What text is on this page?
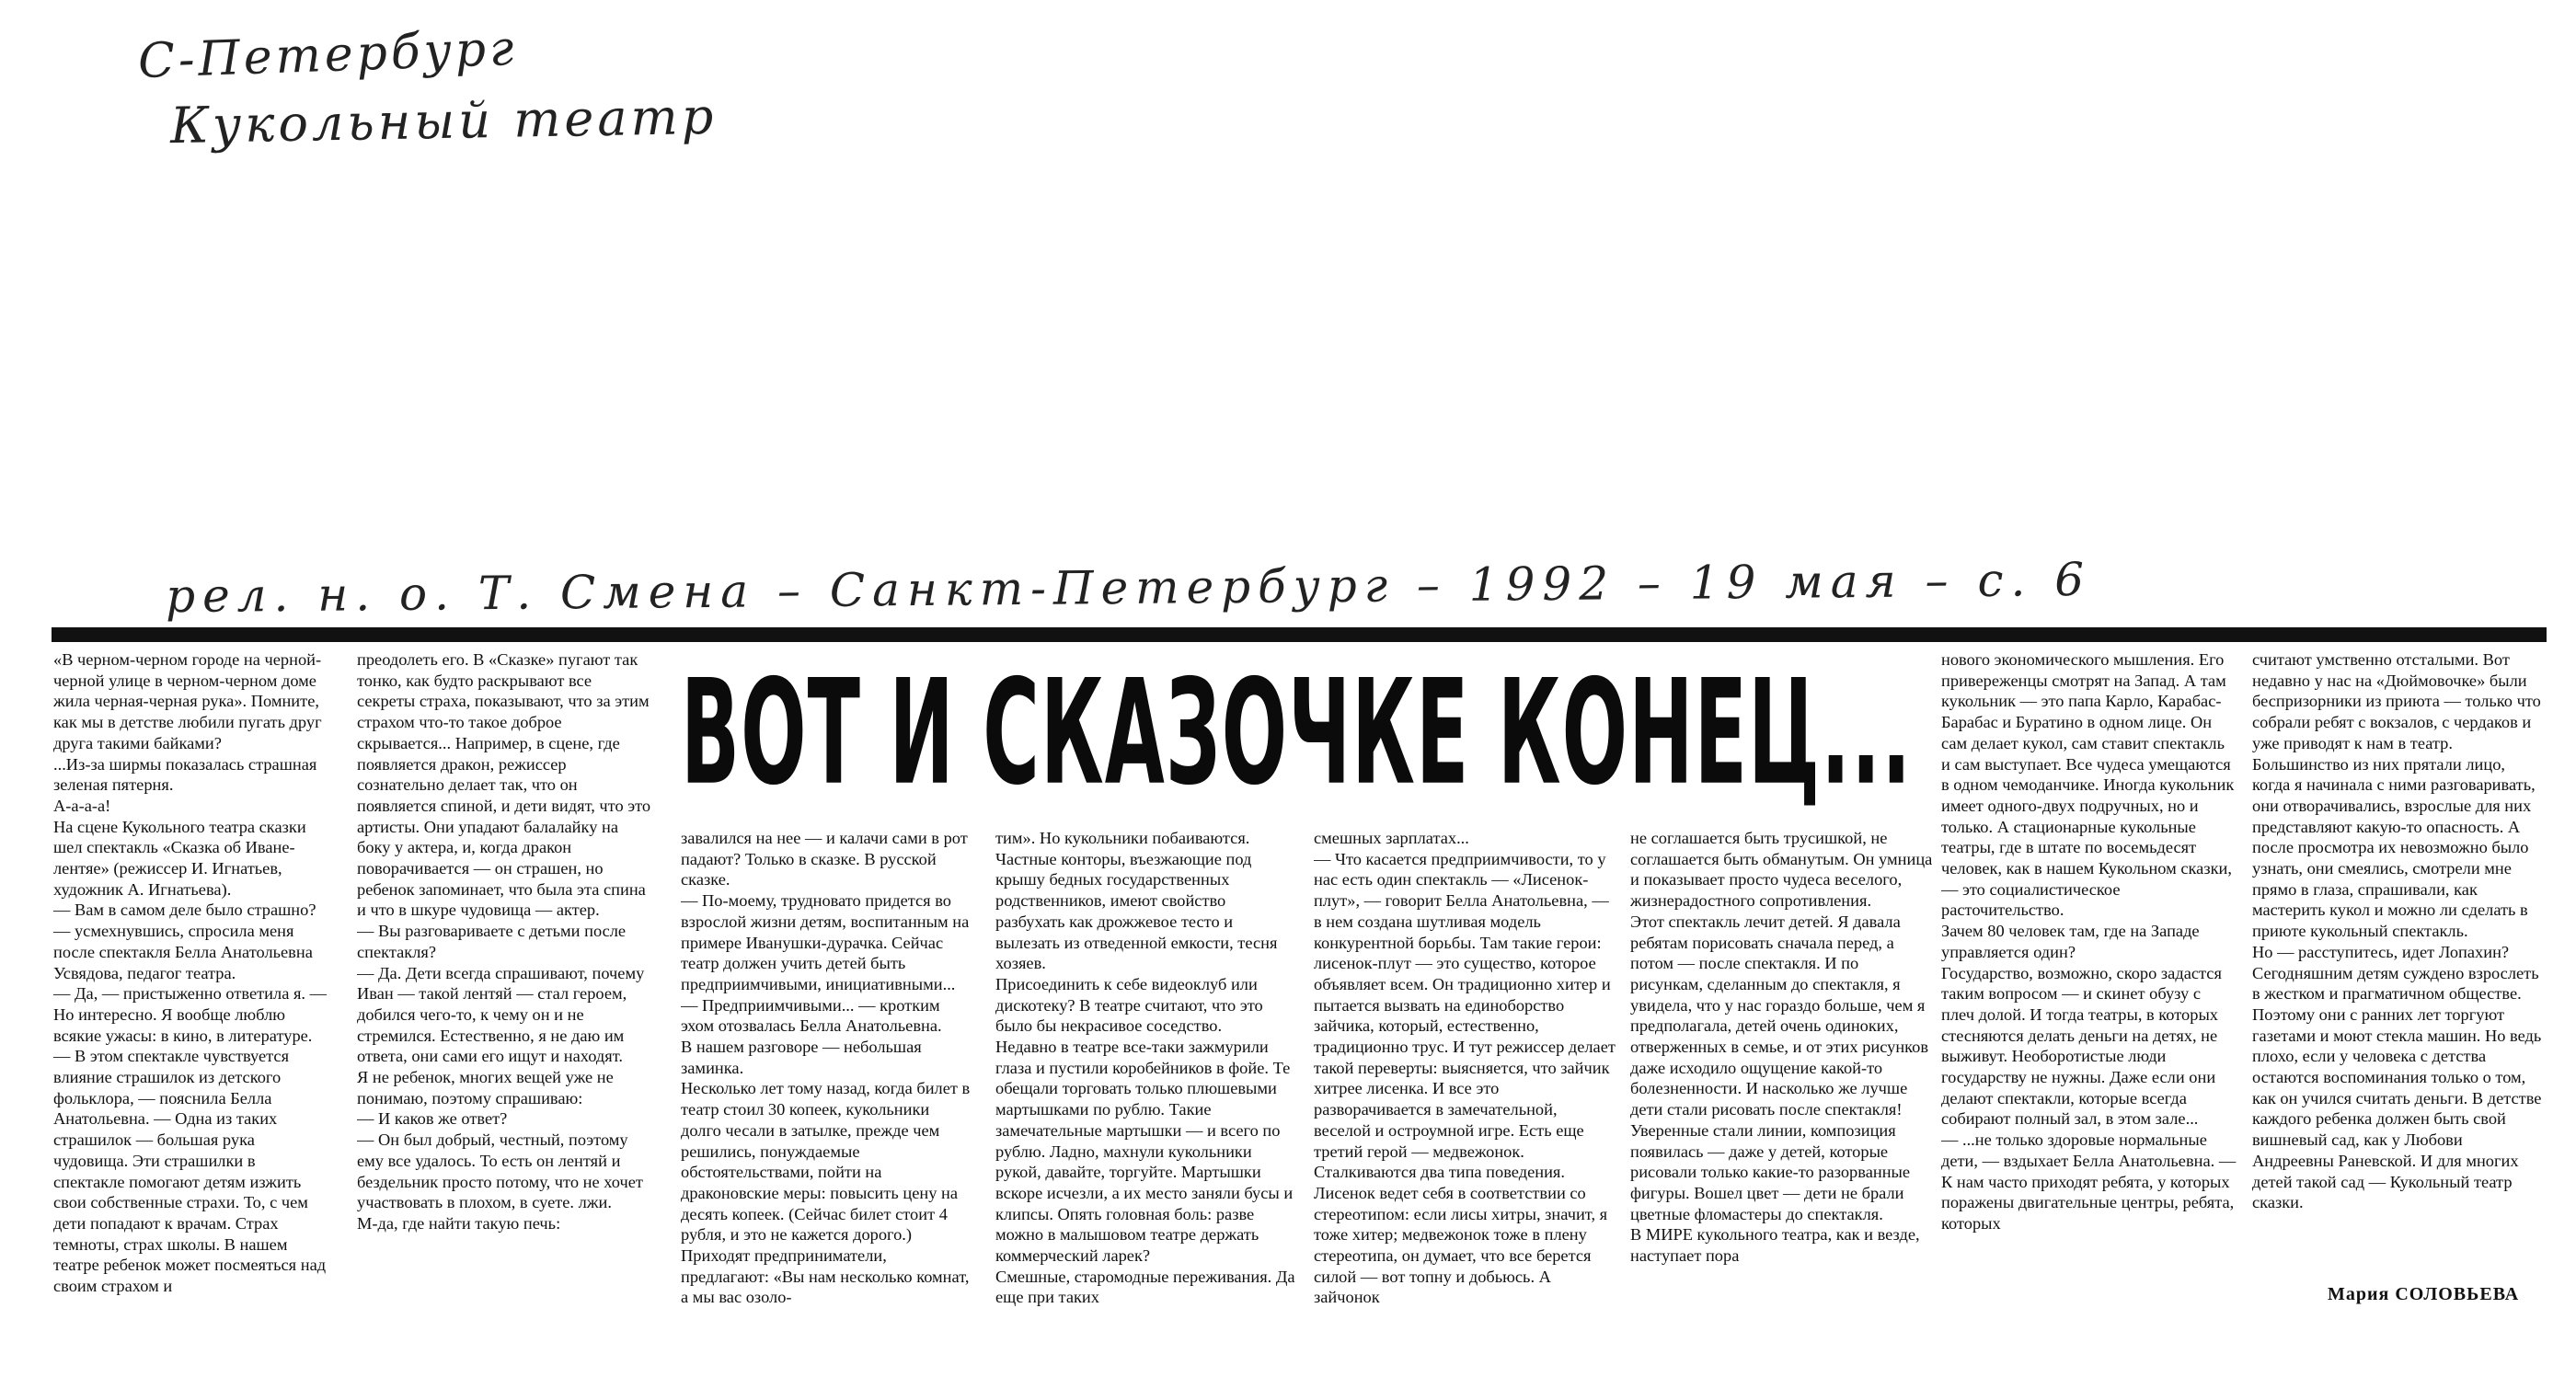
С-Петербург
Кукольный театр
рел. н. о. Т. Смена – Санкт-Петербург – 1992 – 19 мая – с. 6
ВОТ И СКАЗОЧКЕ КОНЕЦ...

«В черном-черном городе на черной-черной улице в черном-черном доме жила черная-черная рука». Помните, как мы в детстве любили пугать друг друга такими байками?

...Из-за ширмы показалась страшная зеленая пятерня.

А-а-а-а!

На сцене Кукольного театра сказки шел спектакль «Сказка об Иване-лентяе» (режиссер И. Игнатьев, художник А. Игнатьева).

— Вам в самом деле было страшно? — усмехнувшись, спросила меня после спектакля Белла Анатольевна Усвядова, педагог театра.

— Да, — пристыженно ответила я. — Но интересно. Я вообще люблю всякие ужасы: в кино, в литературе.

— В этом спектакле чувствуется влияние страшилок из детского фольклора, — пояснила Белла Анатольевна. — Одна из таких страшилок — большая рука чудовища. Эти страшилки в спектакле помогают детям изжить свои собственные страхи. То, с чем дети попадают к врачам. Страх темноты, страх школы. В нашем театре ребенок может посмеяться над своим страхом и

преодолеть его. В «Сказке» пугают так тонко, как будто раскрывают все секреты страха, показывают, что за этим страхом что-то такое доброе скрывается... Например, в сцене, где появляется дракон, режиссер сознательно делает так, что он появляется спиной, и дети видят, что это артисты. Они упадают балалайку на боку у актера, и, когда дракон поворачивается — он страшен, но ребенок запоминает, что была эта спина и что в шкуре чудовища — актер.

— Вы разговариваете с детьми после спектакля?

— Да. Дети всегда спрашивают, почему Иван — такой лентяй — стал героем, добился чего-то, к чему он и не стремился. Естественно, я не даю им ответа, они сами его ищут и находят.

Я не ребенок, многих вещей уже не понимаю, поэтому спрашиваю:

— И каков же ответ?

— Он был добрый, честный, поэтому ему все удалось. То есть он лентяй и бездельник просто потому, что не хочет участвовать в плохом, в суете. лжи.

М-да, где найти такую печь:

завалился на нее — и калачи сами в рот падают? Только в сказке. В русской сказке.

— По-моему, трудновато придется во взрослой жизни детям, воспитанным на примере Иванушки-дурачка. Сейчас театр должен учить детей быть предприимчивыми, инициативными...

— Предприимчивыми... — кротким эхом отозвалась Белла Анатольевна.

В нашем разговоре — небольшая заминка.

Несколько лет тому назад, когда билет в театр стоил 30 копеек, кукольники долго чесали в затылке, прежде чем решились, понуждаемые обстоятельствами, пойти на драконовские меры: повысить цену на десять копеек. (Сейчас билет стоит 4 рубля, и это не кажется дорого.)

Приходят предприниматели, предлагают: «Вы нам несколько комнат, а мы вас озоло-

тим». Но кукольники побаиваются. Частные конторы, въезжающие под крышу бедных государственных родственников, имеют свойство разбухать как дрожжевое тесто и вылезать из отведенной емкости, тесня хозяев.

Присоединить к себе видеоклуб или дискотеку? В театре считают, что это было бы некрасивое соседство.

Недавно в театре все-таки зажмурили глаза и пустили коробейников в фойе. Те обещали торговать только плюшевыми мартышками по рублю. Такие замечательные мартышки — и всего по рублю. Ладно, махнули кукольники рукой, давайте, торгуйте. Мартышки вскоре исчезли, а их место заняли бусы и клипсы. Опять головная боль: разве можно в малышовом театре держать коммерческий ларек?

Смешные, старомодные переживания. Да еще при таких

смешных зарплатах...

— Что касается предприимчивости, то у нас есть один спектакль — «Лисенок-плут», — говорит Белла Анатольевна, — в нем создана шутливая модель конкурентной борьбы. Там такие герои: лисенок-плут — это существо, которое объявляет всем. Он традиционно хитер и пытается вызвать на единоборство зайчика, который, естественно, традиционно трус. И тут режиссер делает такой переверты: выясняется, что зайчик хитрее лисенка. И все это разворачивается в замечательной, веселой и остроумной игре. Есть еще третий герой — медвежонок. Сталкиваются два типа поведения. Лисенок ведет себя в соответствии со стереотипом: если лисы хитры, значит, я тоже хитер; медвежонок тоже в плену стереотипа, он думает, что все берется силой — вот топну и добьюсь. А зайчонок

не соглашается быть трусишкой, не соглашается быть обманутым. Он умница и показывает просто чудеса веселого, жизнерадостного сопротивления.

Этот спектакль лечит детей. Я давала ребятам порисовать сначала перед, а потом — после спектакля. И по рисункам, сделанным до спектакля, я увидела, что у нас гораздо больше, чем я предполагала, детей очень одиноких, отверженных в семье, и от этих рисунков даже исходило ощущение какой-то болезненности. И насколько же лучше дети стали рисовать после спектакля! Уверенные стали линии, композиция появилась — даже у детей, которые рисовали только какие-то разорванные фигуры. Вошел цвет — дети не брали цветные фломастеры до спектакля.

В МИРЕ кукольного театра, как и везде, наступает пора

нового экономического мышления. Его привереженцы смотрят на Запад. А там кукольник — это папа Карло, Карабас-Барабас и Буратино в одном лице. Он сам делает кукол, сам ставит спектакль и сам выступает. Все чудеса умещаются в одном чемоданчике. Иногда кукольник имеет одного-двух подручных, но и только. А стационарные кукольные театры, где в штате по восемьдесят человек, как в нашем Кукольном сказки, — это социалистическое расточительство.

Зачем 80 человек там, где на Западе управляется один?

Государство, возможно, скоро задастся таким вопросом — и скинет обузу с плеч долой. И тогда театры, в которых стесняются делать деньги на детях, не выживут. Необоротистые люди государству не нужны. Даже если они делают спектакли, которые всегда собирают полный зал, в этом зале...

— ...не только здоровые нормальные дети, — вздыхает Белла Анатольевна. — К нам часто приходят ребята, у которых поражены двигательные центры, ребята, которых

считают умственно отсталыми. Вот недавно у нас на «Дюймовочке» были беспризорники из приюта — только что собрали ребят с вокзалов, с чердаков и уже приводят к нам в театр. Большинство из них прятали лицо, когда я начинала с ними разговаривать, они отворачивались, взрослые для них представляют какую-то опасность. А после просмотра их невозможно было узнать, они смеялись, смотрели мне прямо в глаза, спрашивали, как мастерить кукол и можно ли сделать в приюте кукольный спектакль.

Но — расступитесь, идет Лопахин?

Сегодняшним детям суждено взрослеть в жестком и прагматичном обществе. Поэтому они с ранних лет торгуют газетами и моют стекла машин. Но ведь плохо, если у человека с детства остаются воспоминания только о том, как он учился считать деньги. В детстве каждого ребенка должен быть свой вишневый сад, как у Любови Андреевны Раневской. И для многих детей такой сад — Кукольный театр сказки.

Мария СОЛОВЬЕВА
